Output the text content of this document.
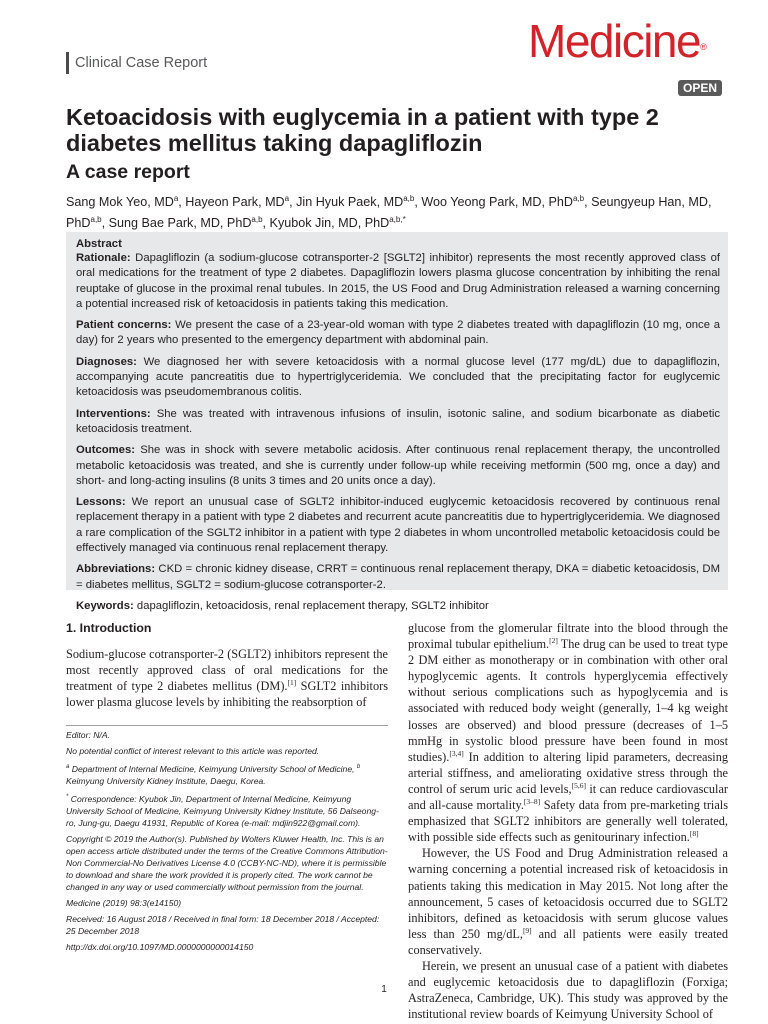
Clinical Case Report	Medicine®
OPEN
Ketoacidosis with euglycemia in a patient with type 2 diabetes mellitus taking dapagliflozin
A case report
Sang Mok Yeo, $MD^a$, Hayeon Park, $MD^a$, Jin Hyuk Paek, MD$^{a,b}$, Woo Yeong Park, MD, PhD$^{a,b}$, Seungyeup Han, MD, PhD$^{a,b}$, Sung Bae Park, MD, PhD$^{a,b}$, Kyubok Jin, MD, PhD$^{a,b,*}$

Abstract

Rationale: Dapagliflozin (a sodium-glucose cotransporter-2 [SGLT2] inhibitor) represents the most recently approved class of oral medications for the treatment of type 2 diabetes. Dapagliflozin lowers plasma glucose concentration by inhibiting the renal reuptake of glucose in the proximal renal tubules. In 2015, the US Food and Drug Administration released a warning concerning a potential increased risk of ketoacidosis in patients taking this medication.

Patient concerns: We present the case of a 23-year-old woman with type 2 diabetes treated with dapagliflozin (10 mg, once a day) for 2 years who presented to the emergency department with abdominal pain.

Diagnoses: We diagnosed her with severe ketoacidosis with a normal glucose level (177 mg/dL) due to dapagliflozin, accompanying acute pancreatitis due to hypertriglyceridemia. We concluded that the precipitating factor for euglycemic ketoacidosis was pseudomembranous colitis.

Interventions: She was treated with intravenous infusions of insulin, isotonic saline, and sodium bicarbonate as diabetic ketoacidosis treatment.

Outcomes: She was in shock with severe metabolic acidosis. After continuous renal replacement therapy, the uncontrolled metabolic ketoacidosis was treated, and she is currently under follow-up while receiving metformin (500 mg, once a day) and short- and long-acting insulins (8 units 3 times and 20 units once a day).

Lessons: We report an unusual case of SGLT2 inhibitor-induced euglycemic ketoacidosis recovered by continuous renal replacement therapy in a patient with type 2 diabetes and recurrent acute pancreatitis due to hypertriglyceridemia. We diagnosed a rare complication of the SGLT2 inhibitor in a patient with type 2 diabetes in whom uncontrolled metabolic ketoacidosis could be effectively managed via continuous renal replacement therapy.

Abbreviations: CKD = chronic kidney disease, CRRT = continuous renal replacement therapy, DKA = diabetic ketoacidosis, DM = diabetes mellitus, SGLT2 = sodium-glucose cotransporter-2.

Keywords: dapagliflozin, ketoacidosis, renal replacement therapy, SGLT2 inhibitor

1. Introduction

Sodium-glucose cotransporter-2 (SGLT2) inhibitors represent the most recently approved class of oral medications for the treatment of type 2 diabetes mellitus (DM).[1] SGLT2 inhibitors lower plasma glucose levels by inhibiting the reabsorption of

Editor: N/A.

No potential conflict of interest relevant to this article was reported.

$^a$ Department of Internal Medicine, Keimyung University School of Medicine, $^b$ Keimyung University Kidney Institute, Daegu, Korea.

* Correspondence: Kyubok Jin, Department of Internal Medicine, Keimyung University School of Medicine, Keimyung University Kidney Institute, 56 Dalseong-ro, Jung-gu, Daegu 41931, Republic of Korea (e-mail: mdjin922@gmail.com).

Copyright © 2019 the Author(s). Published by Wolters Kluwer Health, Inc. This is an open access article distributed under the terms of the Creative Commons Attribution-Non Commercial-No Derivatives License 4.0 (CCBY-NC-ND), where it is permissible to download and share the work provided it is properly cited. The work cannot be changed in any way or used commercially without permission from the journal.

Medicine (2019) 98:3(e14150)

Received: 16 August 2018 / Received in final form: 18 December 2018 / Accepted: 25 December 2018

http://dx.doi.org/10.1097/MD.0000000000014150

glucose from the glomerular filtrate into the blood through the proximal tubular epithelium.[2] The drug can be used to treat type 2 DM either as monotherapy or in combination with other oral hypoglycemic agents. It controls hyperglycemia effectively without serious complications such as hypoglycemia and is associated with reduced body weight (generally, 1–4 kg weight losses are observed) and blood pressure (decreases of 1–5 mmHg in systolic blood pressure have been found in most studies).[3,4] In addition to altering lipid parameters, decreasing arterial stiffness, and ameliorating oxidative stress through the control of serum uric acid levels,[5,6] it can reduce cardiovascular and all-cause mortality.[3–8] Safety data from pre-marketing trials emphasized that SGLT2 inhibitors are generally well tolerated, with possible side effects such as genitourinary infection.[8]

However, the US Food and Drug Administration released a warning concerning a potential increased risk of ketoacidosis in patients taking this medication in May 2015. Not long after the announcement, 5 cases of ketoacidosis occurred due to SGLT2 inhibitors, defined as ketoacidosis with serum glucose values less than 250 mg/dL,[9] and all patients were easily treated conservatively.

Herein, we present an unusual case of a patient with diabetes and euglycemic ketoacidosis due to dapagliflozin (Forxiga; AstraZeneca, Cambridge, UK). This study was approved by the institutional review boards of Keimyung University School of

1
